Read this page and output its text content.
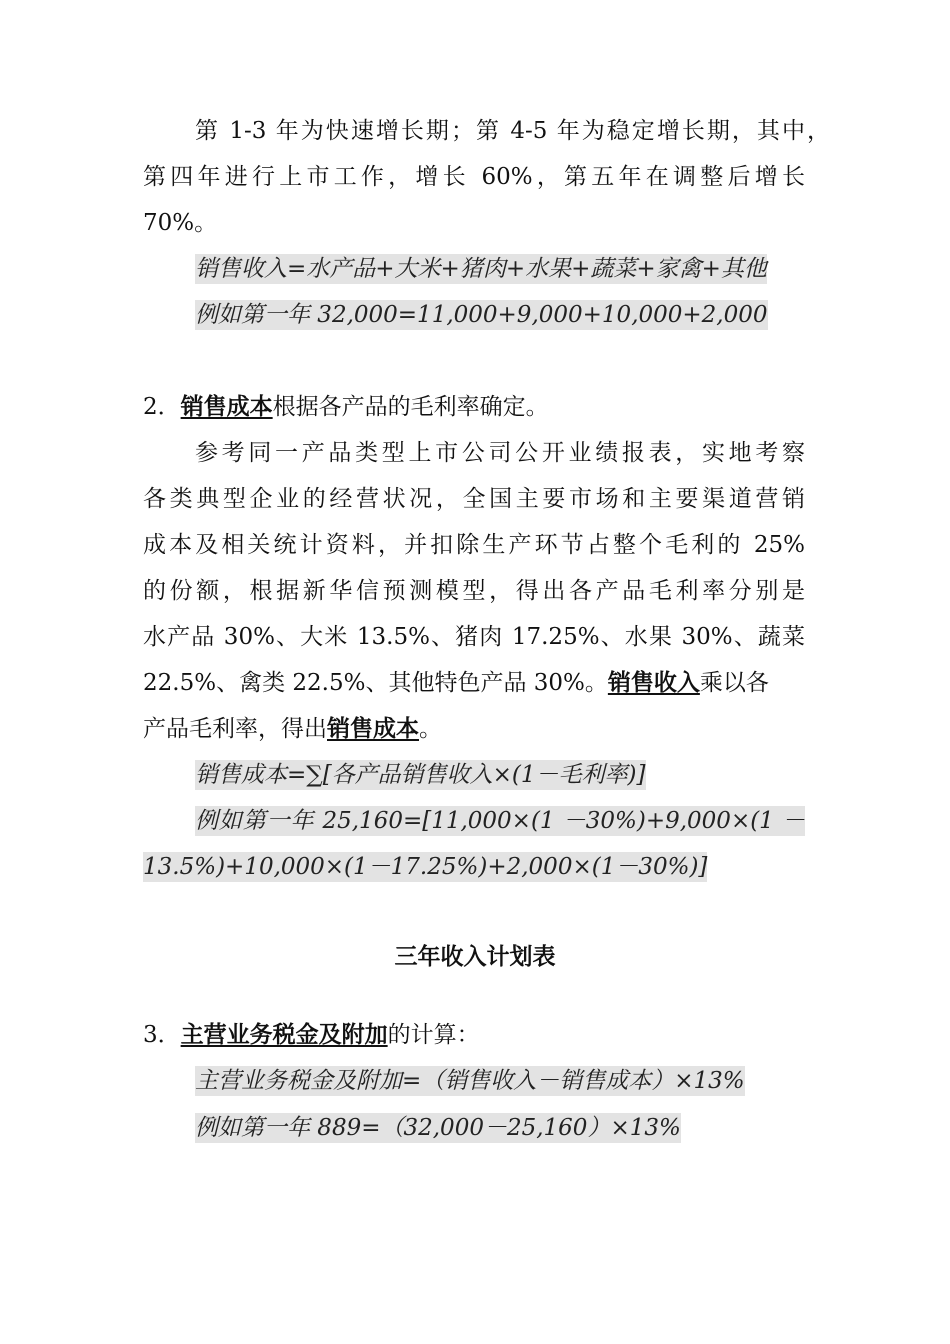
第 1-3 年为快速增长期；第 4-5 年为稳定增长期，其中，
第四年进行上市工作，增长 60%，第五年在调整后增长
70%。
销售收入=水产品+大米+猪肉+水果+蔬菜+家禽+其他
例如第一年 32,000=11,000+9,000+10,000+2,000
2．销售成本根据各产品的毛利率确定。
参考同一产品类型上市公司公开业绩报表，实地考察
各类典型企业的经营状况，全国主要市场和主要渠道营销
成本及相关统计资料，并扣除生产环节占整个毛利的 25%
的份额，根据新华信预测模型，得出各产品毛利率分别是
水产品 30%、大米 13.5%、猪肉 17.25%、水果 30%、蔬菜
22.5%、禽类 22.5%、其他特色产品 30%。销售收入乘以各
产品毛利率，得出销售成本。
销售成本=∑[各产品销售收入×(1－毛利率)]
例如第一年 25,160=[11,000×(1 －30%)+9,000×(1 －
13.5%)+10,000×(1－17.25%)+2,000×(1－30%)]
三年收入计划表
3．主营业务税金及附加的计算：
主营业务税金及附加=（销售收入－销售成本）×13%
例如第一年 889=（32,000－25,160）×13%
